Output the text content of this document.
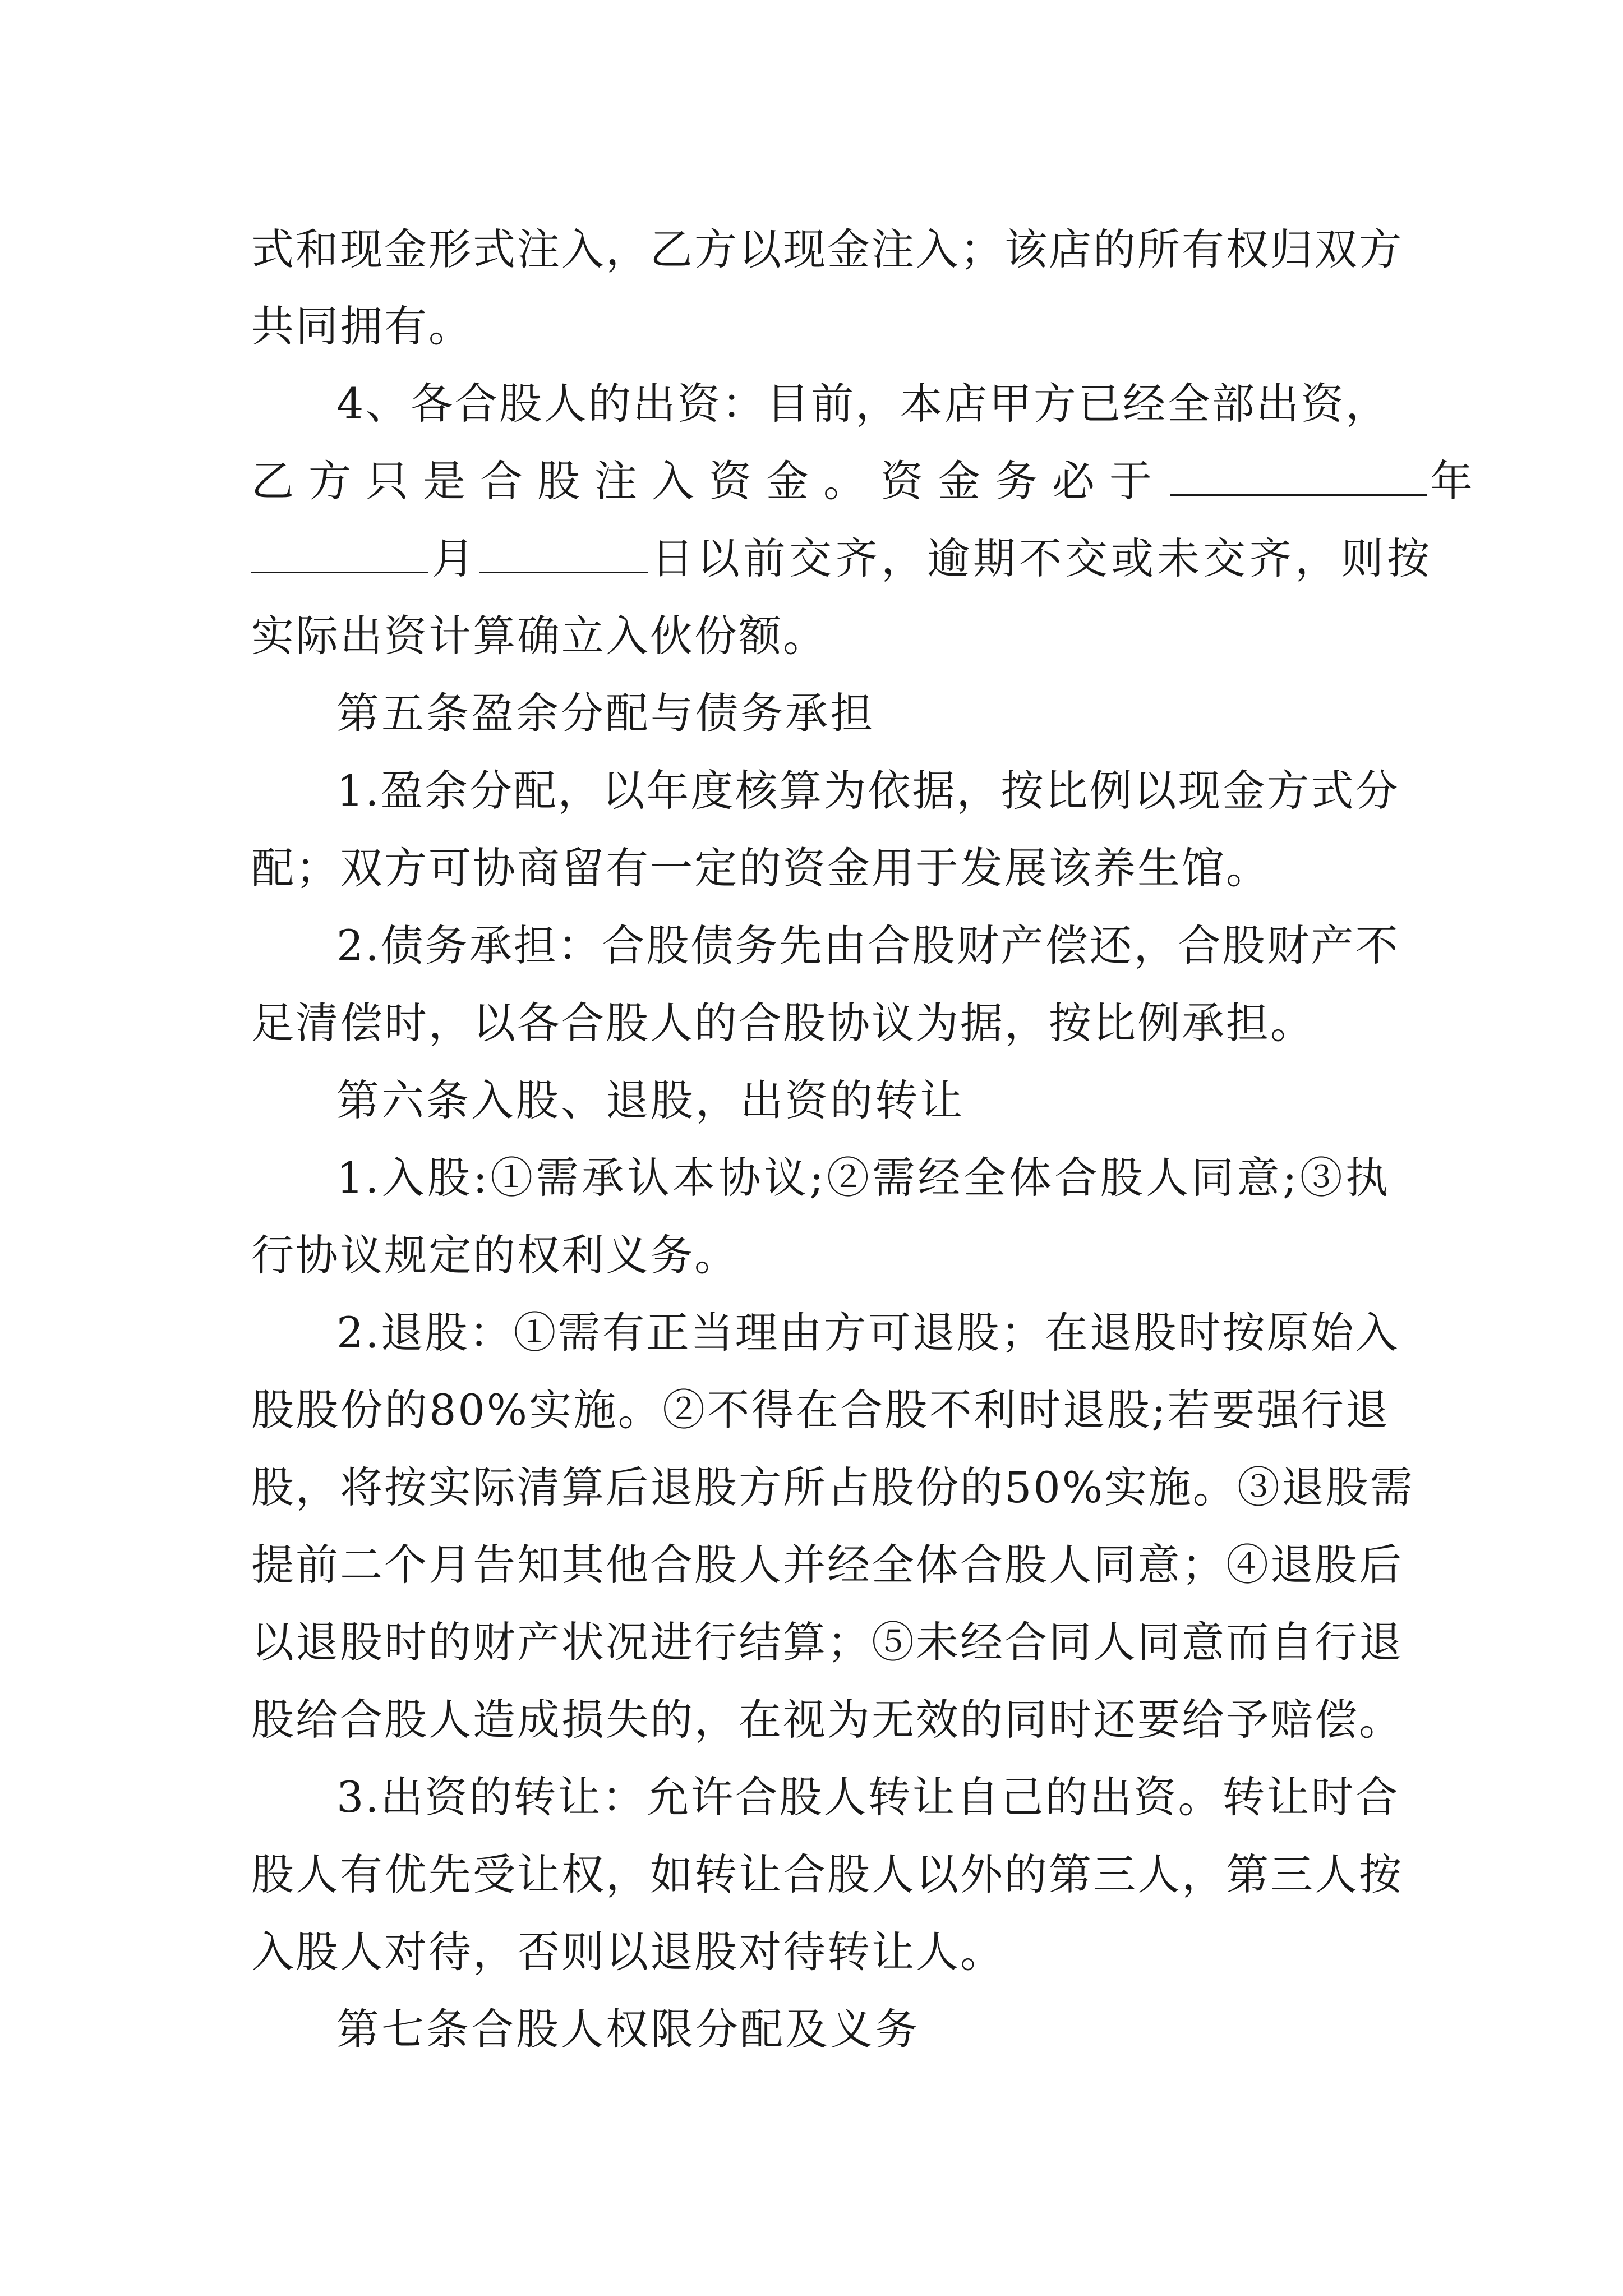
式和现金形式注入，乙方以现金注入；该店的所有权归双方
共同拥有。
4、各合股人的出资：目前，本店甲方已经全部出资，
乙方只是合股注入资金。资金务必于	年
月	日以前交齐，逾期不交或未交齐，则按
实际出资计算确立入伙份额。
第五条盈余分配与债务承担
1.盈余分配，以年度核算为依据，按比例以现金方式分
配；双方可协商留有一定的资金用于发展该养生馆。
2.债务承担：合股债务先由合股财产偿还，合股财产不
足清偿时，以各合股人的合股协议为据，按比例承担。
第六条入股、退股，出资的转让
1.入股:①需承认本协议;②需经全体合股人同意;③执
行协议规定的权利义务。
2.退股：①需有正当理由方可退股；在退股时按原始入
股股份的80%实施。②不得在合股不利时退股;若要强行退
股，将按实际清算后退股方所占股份的50%实施。③退股需
提前二个月告知其他合股人并经全体合股人同意；④退股后
以退股时的财产状况进行结算；⑤未经合同人同意而自行退
股给合股人造成损失的，在视为无效的同时还要给予赔偿。
3.出资的转让：允许合股人转让自己的出资。转让时合
股人有优先受让权，如转让合股人以外的第三人，第三人按
入股人对待，否则以退股对待转让人。
第七条合股人权限分配及义务
